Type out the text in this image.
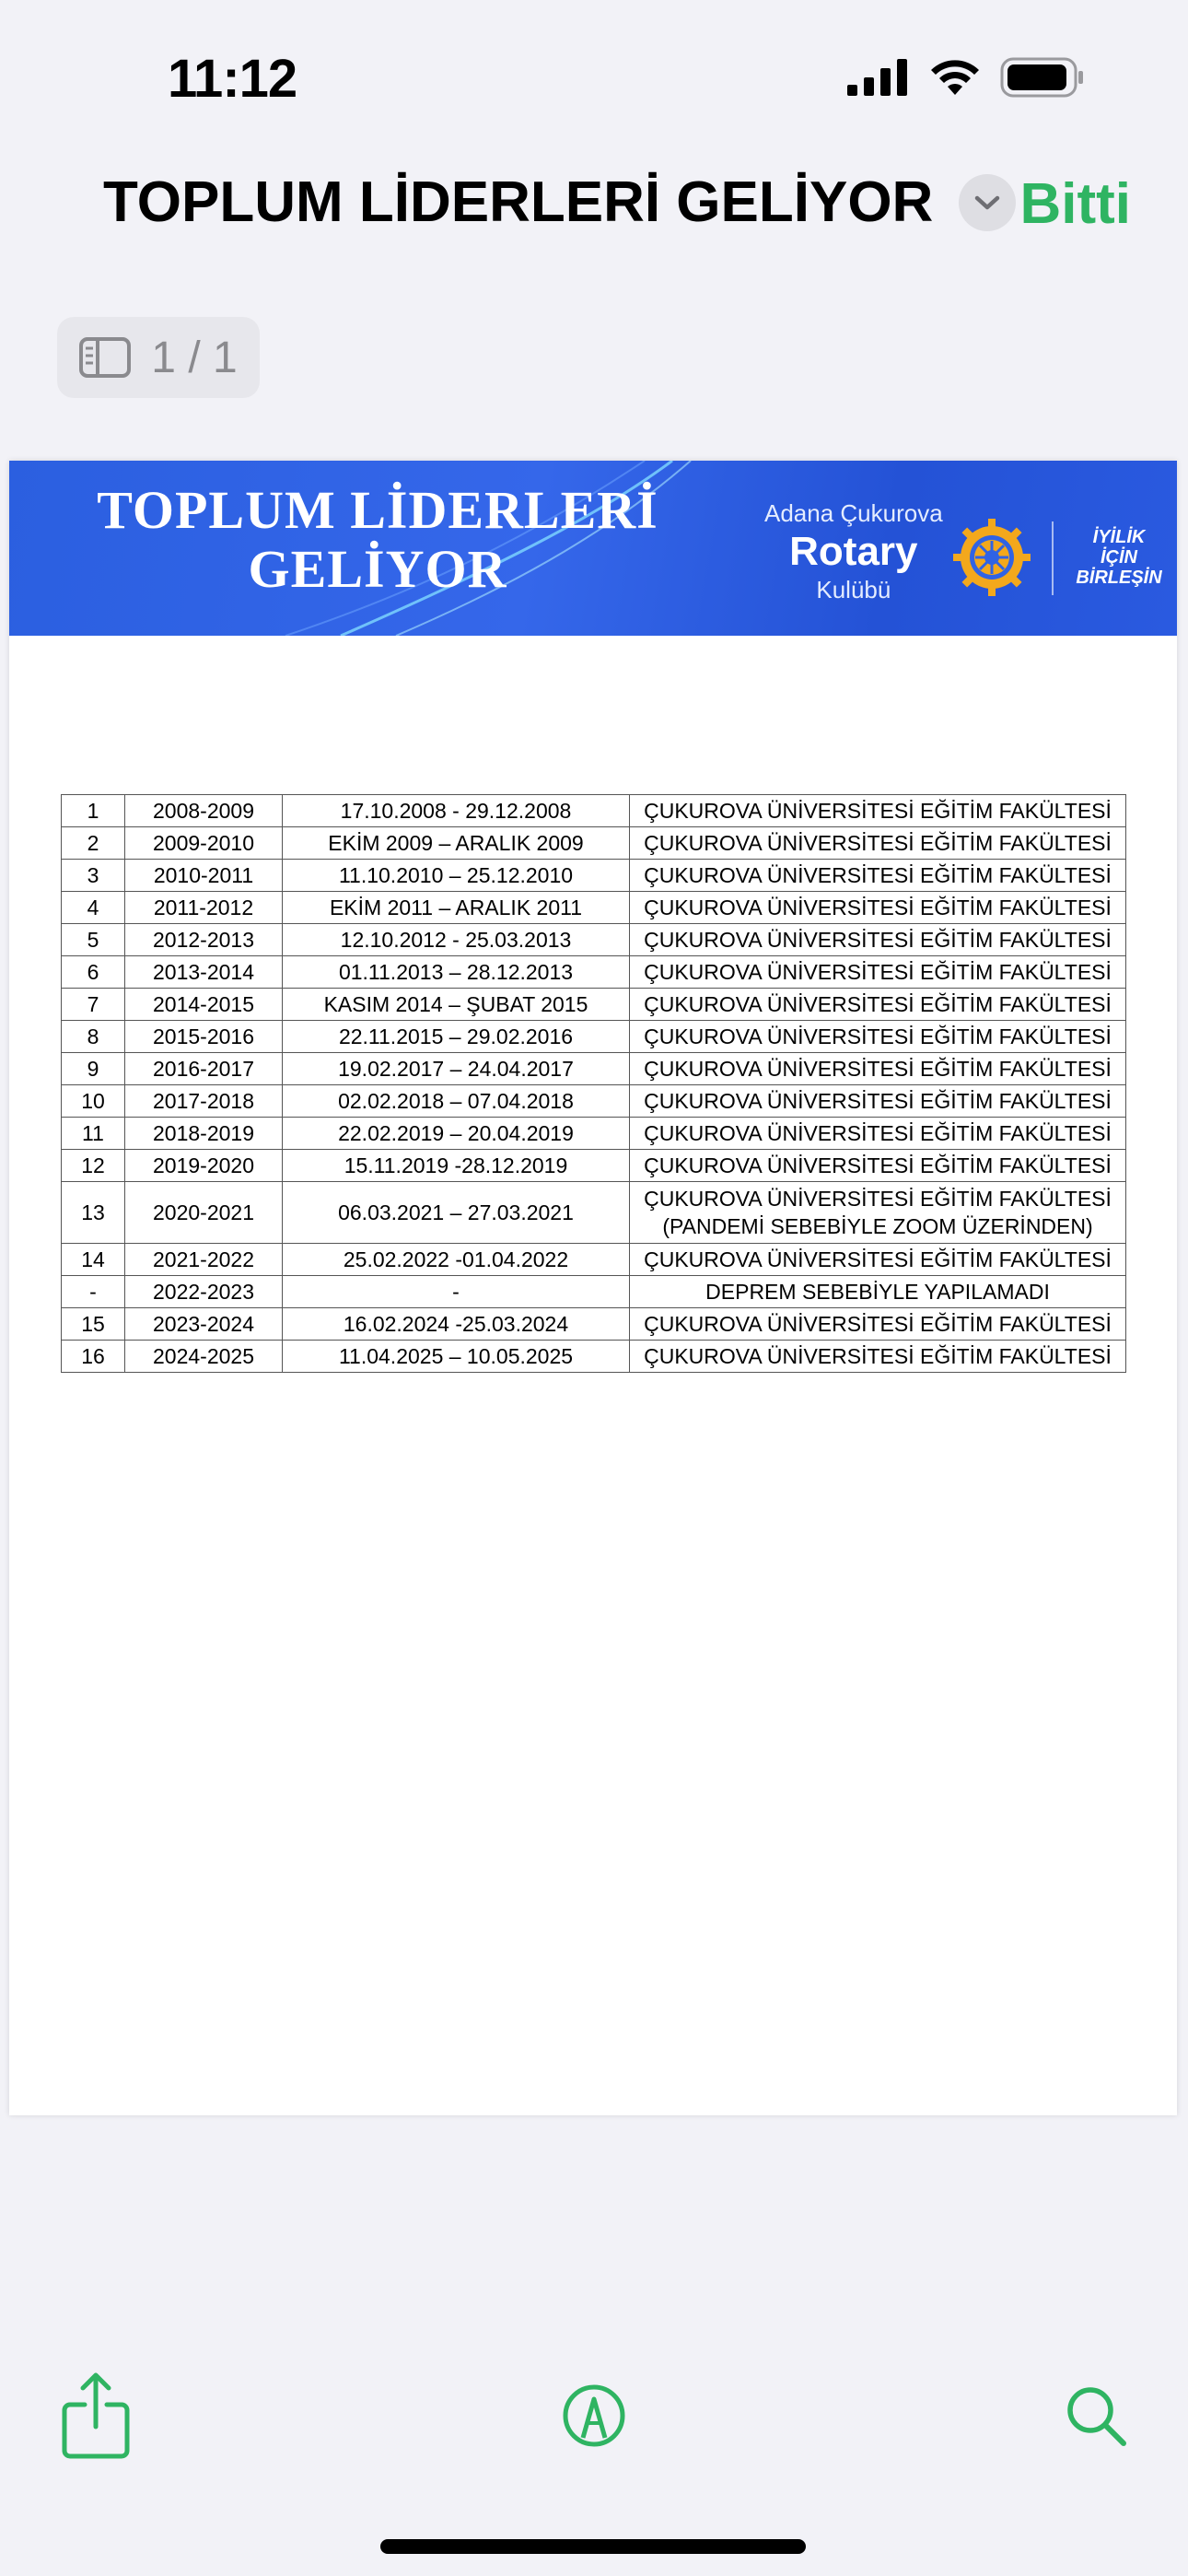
11:12
TOPLUM LİDERLERİ GELİYOR Bitti
1 / 1
TOPLUM LİDERLERİ
GELİYOR
Adana Çukurova
Rotary
Kulübü
İYİLİK
İÇİN
BİRLEŞİN
1	2008-2009	17.10.2008 - 29.12.2008	ÇUKUROVA ÜNİVERSİTESİ EĞİTİM FAKÜLTESİ
2	2009-2010	EKİM 2009 – ARALIK 2009	ÇUKUROVA ÜNİVERSİTESİ EĞİTİM FAKÜLTESİ
3	2010-2011	11.10.2010 – 25.12.2010	ÇUKUROVA ÜNİVERSİTESİ EĞİTİM FAKÜLTESİ
4	2011-2012	EKİM 2011 – ARALIK 2011	ÇUKUROVA ÜNİVERSİTESİ EĞİTİM FAKÜLTESİ
5	2012-2013	12.10.2012 - 25.03.2013	ÇUKUROVA ÜNİVERSİTESİ EĞİTİM FAKÜLTESİ
6	2013-2014	01.11.2013 – 28.12.2013	ÇUKUROVA ÜNİVERSİTESİ EĞİTİM FAKÜLTESİ
7	2014-2015	KASIM 2014 – ŞUBAT 2015	ÇUKUROVA ÜNİVERSİTESİ EĞİTİM FAKÜLTESİ
8	2015-2016	22.11.2015 – 29.02.2016	ÇUKUROVA ÜNİVERSİTESİ EĞİTİM FAKÜLTESİ
9	2016-2017	19.02.2017 – 24.04.2017	ÇUKUROVA ÜNİVERSİTESİ EĞİTİM FAKÜLTESİ
10	2017-2018	02.02.2018 – 07.04.2018	ÇUKUROVA ÜNİVERSİTESİ EĞİTİM FAKÜLTESİ
11	2018-2019	22.02.2019 – 20.04.2019	ÇUKUROVA ÜNİVERSİTESİ EĞİTİM FAKÜLTESİ
12	2019-2020	15.11.2019 -28.12.2019	ÇUKUROVA ÜNİVERSİTESİ EĞİTİM FAKÜLTESİ
13	2020-2021	06.03.2021 – 27.03.2021	ÇUKUROVA ÜNİVERSİTESİ EĞİTİM FAKÜLTESİ
(PANDEMİ SEBEBİYLE ZOOM ÜZERİNDEN)

14	2021-2022	25.02.2022 -01.04.2022	ÇUKUROVA ÜNİVERSİTESİ EĞİTİM FAKÜLTESİ
-	2022-2023	-	DEPREM SEBEBİYLE YAPILAMADI
15	2023-2024	16.02.2024 -25.03.2024	ÇUKUROVA ÜNİVERSİTESİ EĞİTİM FAKÜLTESİ
16	2024-2025	11.04.2025 – 10.05.2025	ÇUKUROVA ÜNİVERSİTESİ EĞİTİM FAKÜLTESİ
